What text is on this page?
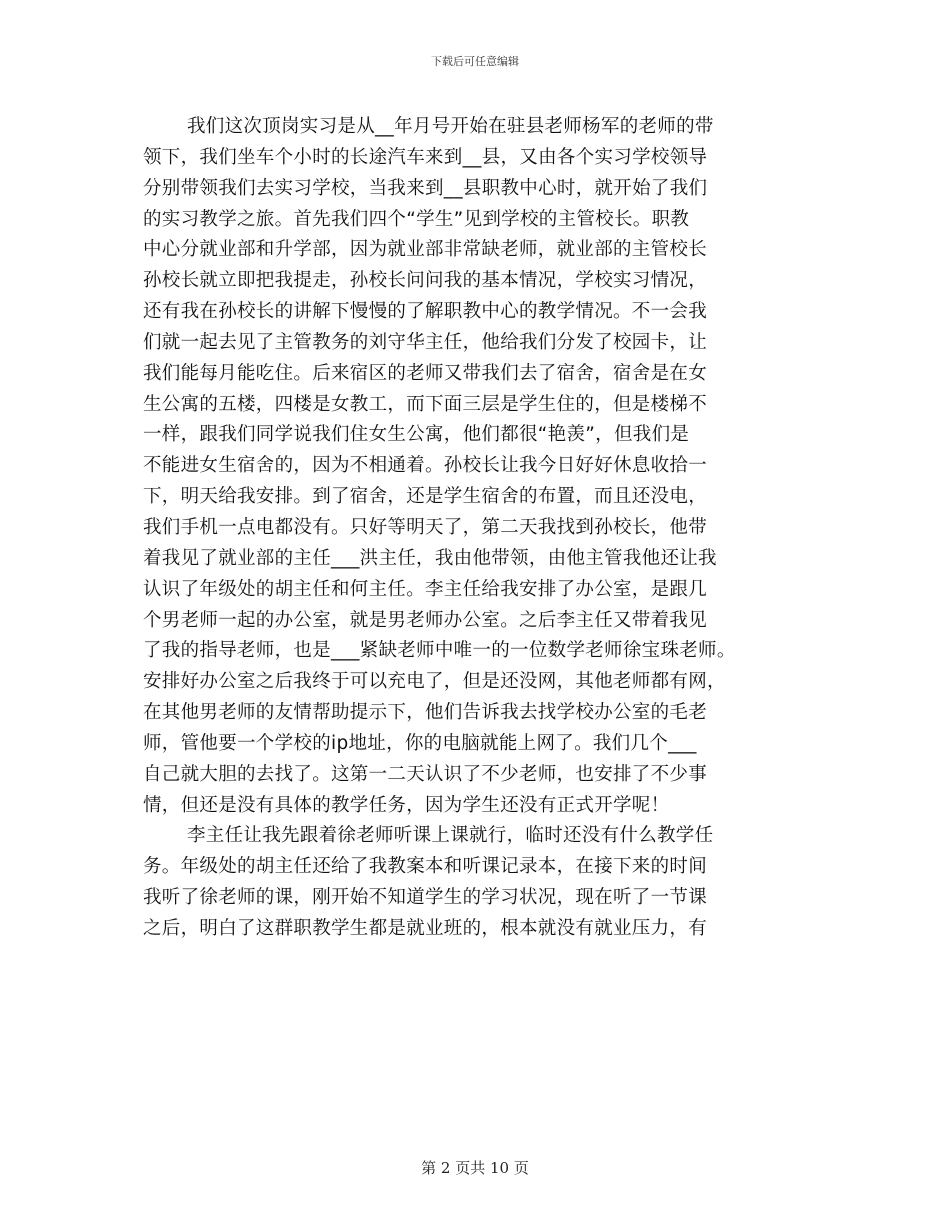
下载后可任意编辑
我们这次顶岗实习是从__年月号开始在驻县老师杨军的老师的带
领下，我们坐车个小时的长途汽车来到__县，又由各个实习学校领导
分别带领我们去实习学校，当我来到__县职教中心时，就开始了我们
的实习教学之旅。首先我们四个“学生”见到学校的主管校长。职教
中心分就业部和升学部，因为就业部非常缺老师，就业部的主管校长
孙校长就立即把我提走，孙校长问问我的基本情况，学校实习情况，
还有我在孙校长的讲解下慢慢的了解职教中心的教学情况。不一会我
们就一起去见了主管教务的刘守华主任，他给我们分发了校园卡，让
我们能每月能吃住。后来宿区的老师又带我们去了宿舍，宿舍是在女
生公寓的五楼，四楼是女教工，而下面三层是学生住的，但是楼梯不
一样，跟我们同学说我们住女生公寓，他们都很“艳羡”，但我们是
不能进女生宿舍的，因为不相通着。孙校长让我今日好好休息收拾一
下，明天给我安排。到了宿舍，还是学生宿舍的布置，而且还没电，
我们手机一点电都没有。只好等明天了，第二天我找到孙校长，他带
着我见了就业部的主任___洪主任，我由他带领，由他主管我他还让我
认识了年级处的胡主任和何主任。李主任给我安排了办公室，是跟几
个男老师一起的办公室，就是男老师办公室。之后李主任又带着我见
了我的指导老师，也是___紧缺老师中唯一的一位数学老师徐宝珠老师。
安排好办公室之后我终于可以充电了，但是还没网，其他老师都有网，
在其他男老师的友情帮助提示下，他们告诉我去找学校办公室的毛老
师，管他要一个学校的ip地址，你的电脑就能上网了。我们几个___
自己就大胆的去找了。这第一二天认识了不少老师，也安排了不少事
情，但还是没有具体的教学任务，因为学生还没有正式开学呢！
李主任让我先跟着徐老师听课上课就行，临时还没有什么教学任
务。年级处的胡主任还给了我教案本和听课记录本，在接下来的时间
我听了徐老师的课，刚开始不知道学生的学习状况，现在听了一节课
之后，明白了这群职教学生都是就业班的，根本就没有就业压力，有
第 2 页共 10 页
